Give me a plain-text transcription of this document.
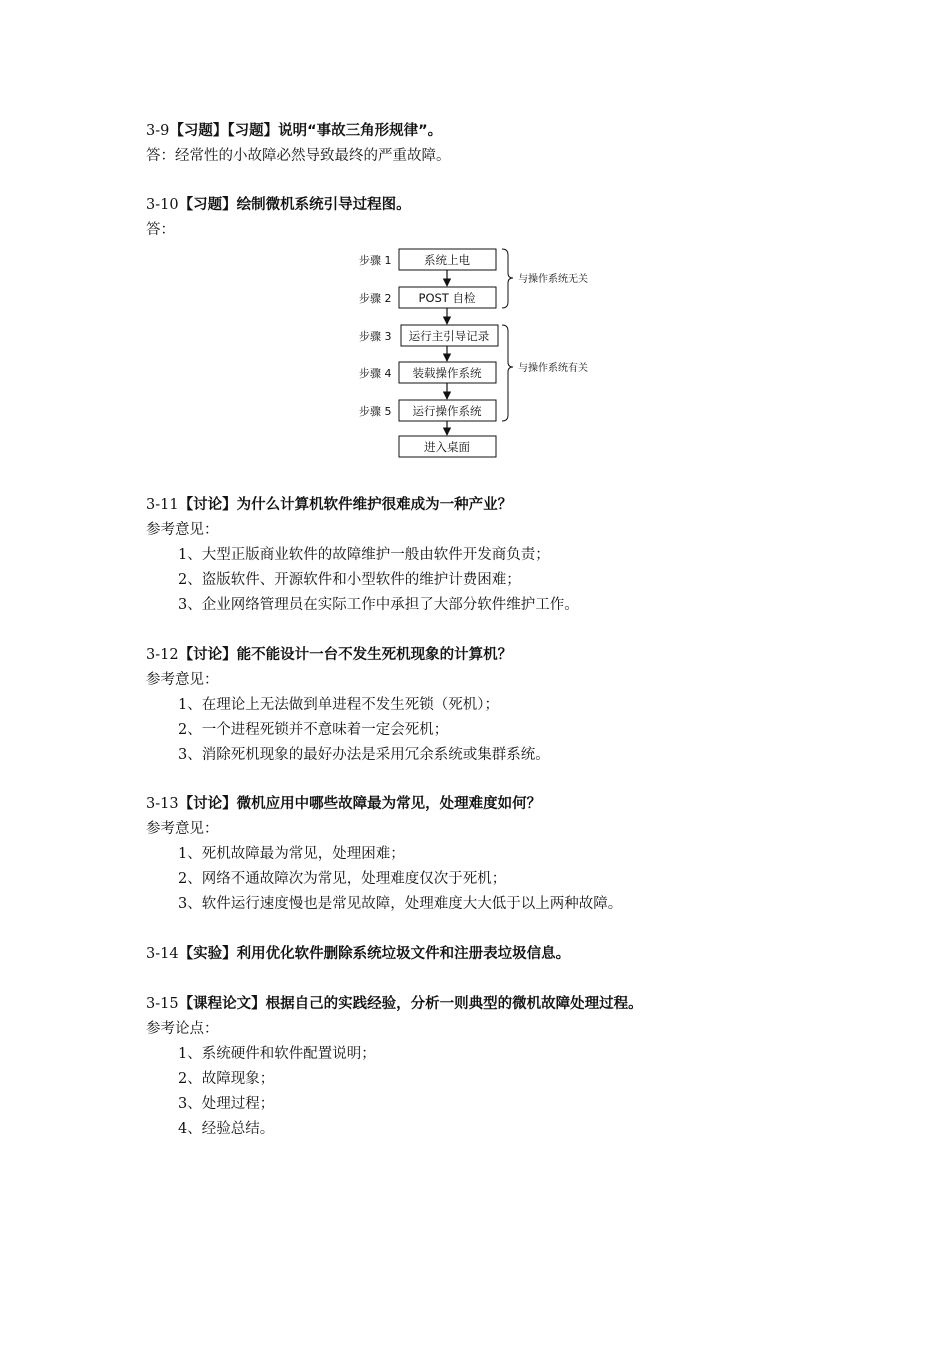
3-9【习题】【习题】说明“事故三角形规律”。
答：经常性的小故障必然导致最终的严重故障。
3-10【习题】绘制微机系统引导过程图。
答：
步骤 1
步骤 2
步骤 3
步骤 4
步骤 5
系统上电
POST 自检
运行主引导记录
装载操作系统
运行操作系统
进入桌面
与操作系统无关
与操作系统有关
3-11【讨论】为什么计算机软件维护很难成为一种产业？
参考意见：
1、大型正版商业软件的故障维护一般由软件开发商负责；
2、盗版软件、开源软件和小型软件的维护计费困难；
3、企业网络管理员在实际工作中承担了大部分软件维护工作。
3-12【讨论】能不能设计一台不发生死机现象的计算机？
参考意见：
1、在理论上无法做到单进程不发生死锁（死机）；
2、一个进程死锁并不意味着一定会死机；
3、消除死机现象的最好办法是采用冗余系统或集群系统。
3-13【讨论】微机应用中哪些故障最为常见，处理难度如何？
参考意见：
1、死机故障最为常见，处理困难；
2、网络不通故障次为常见，处理难度仅次于死机；
3、软件运行速度慢也是常见故障，处理难度大大低于以上两种故障。
3-14【实验】利用优化软件删除系统垃圾文件和注册表垃圾信息。
3-15【课程论文】根据自己的实践经验，分析一则典型的微机故障处理过程。
参考论点：
1、系统硬件和软件配置说明；
2、故障现象；
3、处理过程；
4、经验总结。
